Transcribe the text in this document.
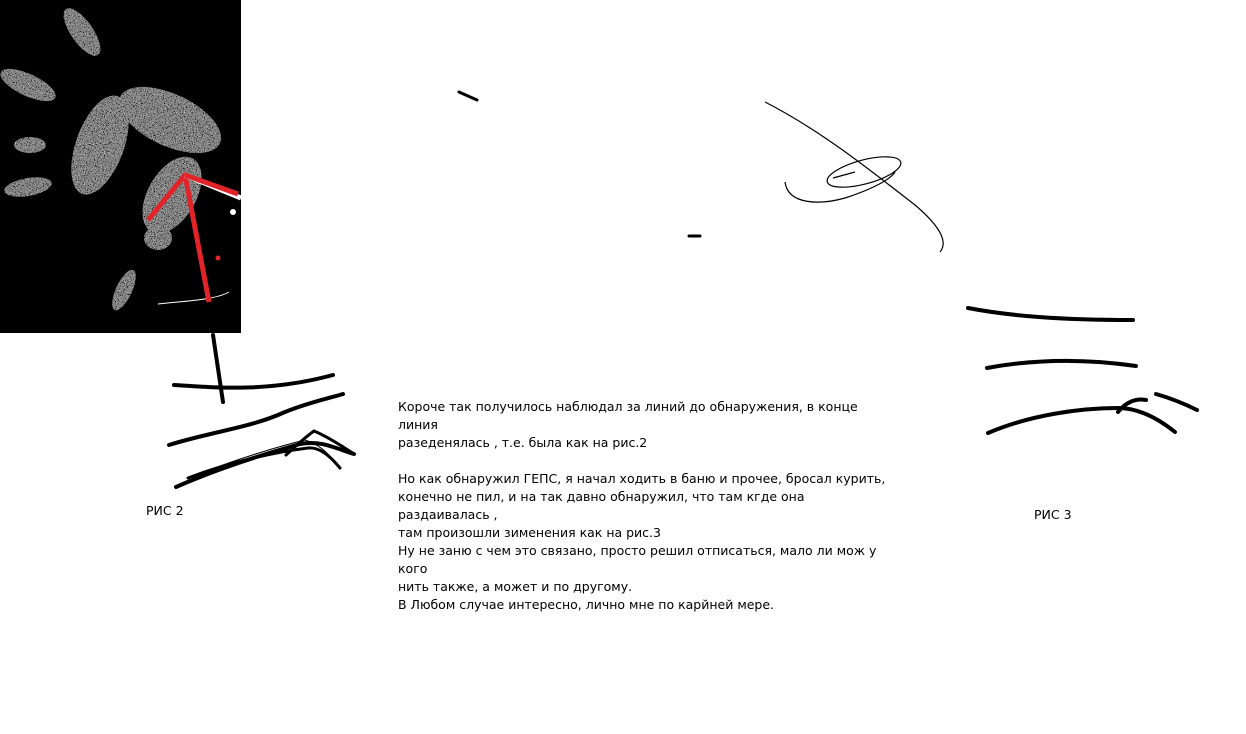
РИС 2	РИС 3

Короче так получилось наблюдал за линий до обнаружения, в конце линия
разеденялась , т.е. была как на рис.2

Но как обнаружил ГЕПС, я начал ходить в баню и прочее, бросал курить,
конечно не пил, и на так давно обнаружил, что там кгде она раздаивалась ,
там произошли зименения как на рис.3
Ну не заню с чем это связано, просто решил отписаться, мало ли мож у кого
нить также, а может и по другому.
В Любом случае интересно, лично мне по карйней мере.
